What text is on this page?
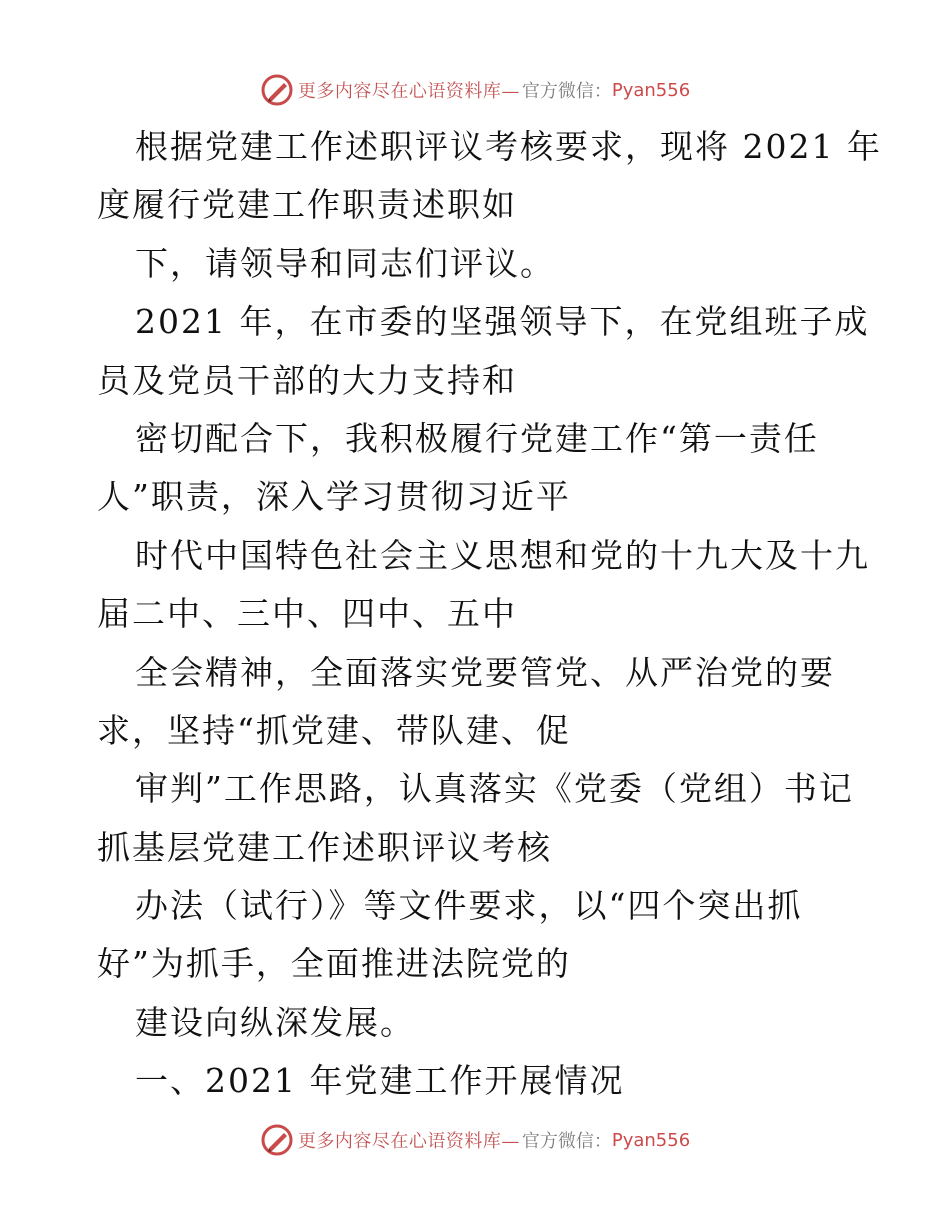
更多内容尽在心语资料库— 官方微信： Pyan556
根据党建工作述职评议考核要求，现将 2021 年
度履行党建工作职责述职如
下，请领导和同志们评议。
2021 年，在市委的坚强领导下，在党组班子成
员及党员干部的大力支持和
密切配合下，我积极履行党建工作“第一责任
人”职责，深入学习贯彻习近平
时代中国特色社会主义思想和党的十九大及十九
届二中、三中、四中、五中
全会精神，全面落实党要管党、从严治党的要
求，坚持“抓党建、带队建、促
审判”工作思路，认真落实《党委（党组）书记
抓基层党建工作述职评议考核
办法（试行）》等文件要求，以“四个突出抓
好”为抓手，全面推进法院党的
建设向纵深发展。
一、2021 年党建工作开展情况
更多内容尽在心语资料库— 官方微信： Pyan556
